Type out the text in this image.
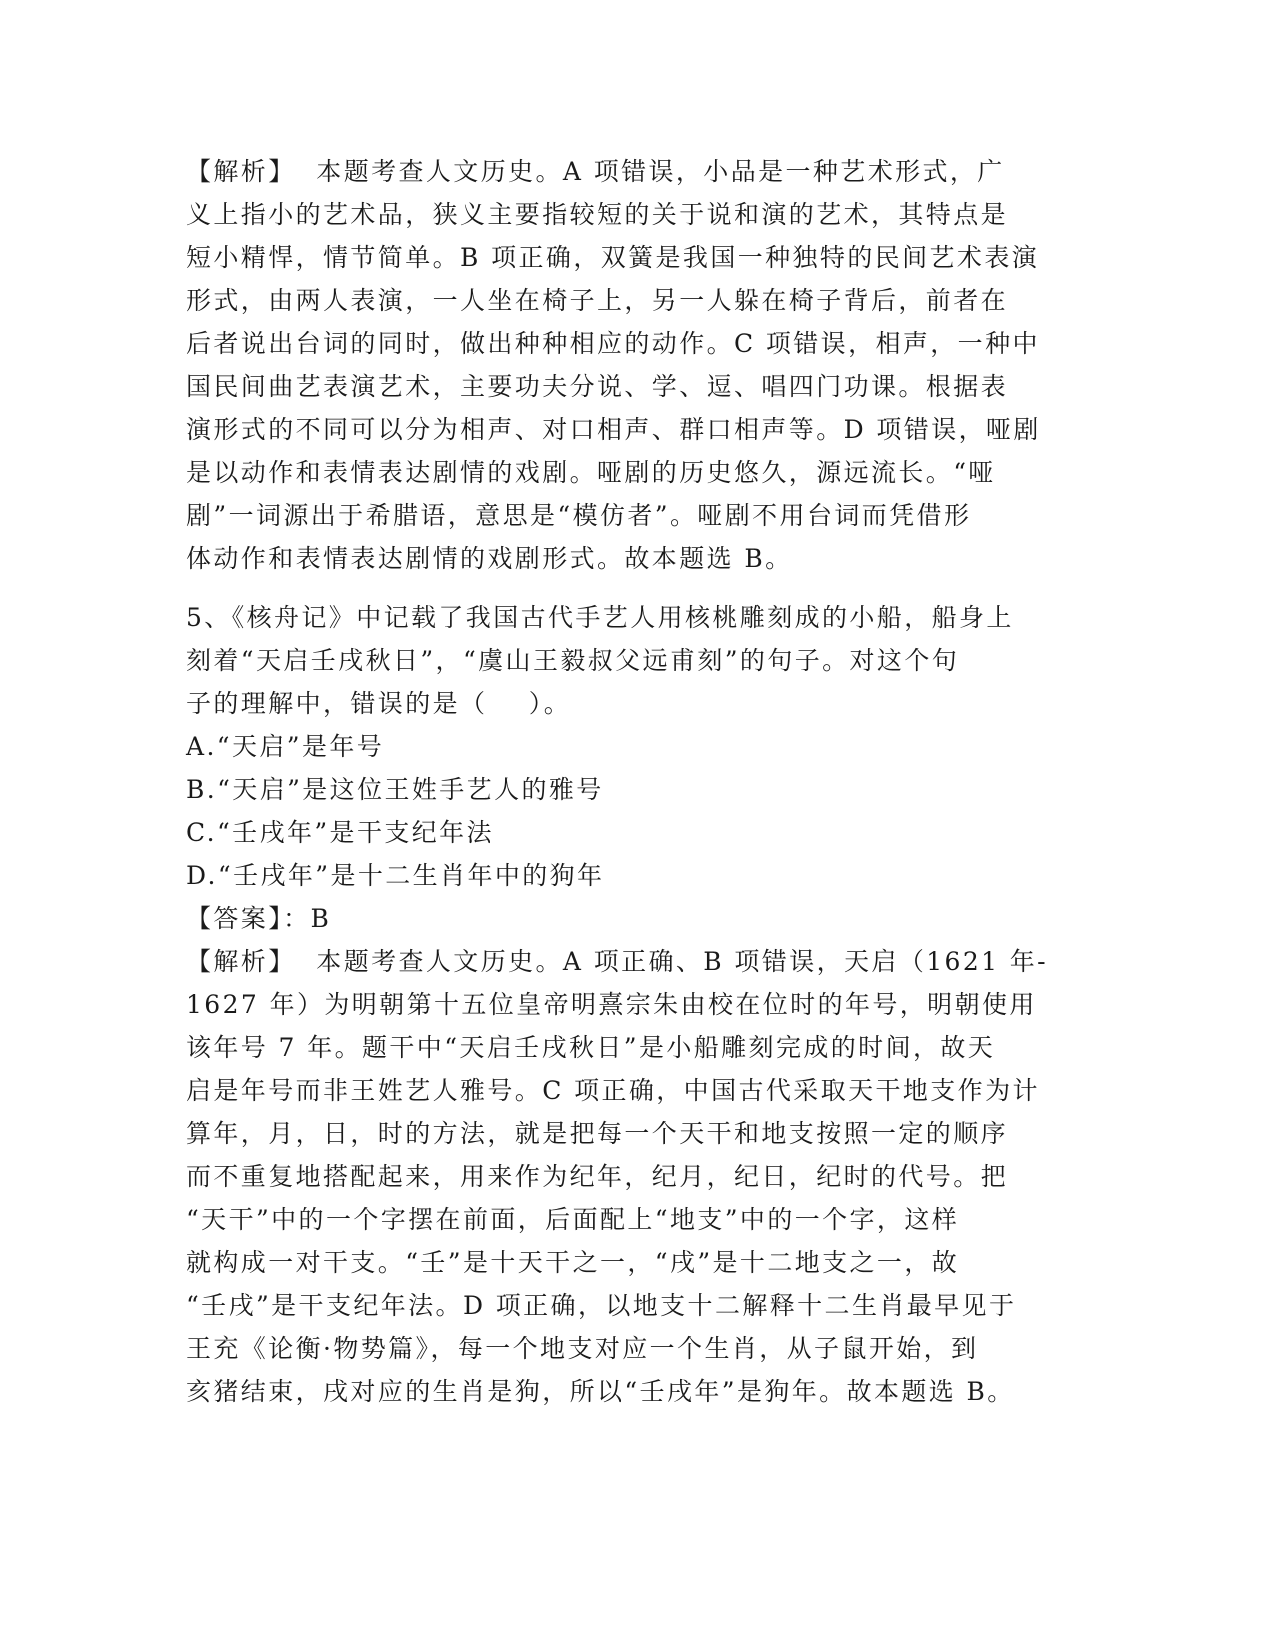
【解析】  本题考查人文历史。A 项错误，小品是一种艺术形式，广
义上指小的艺术品，狭义主要指较短的关于说和演的艺术，其特点是
短小精悍，情节简单。B 项正确，双簧是我国一种独特的民间艺术表演
形式，由两人表演，一人坐在椅子上，另一人躲在椅子背后，前者在
后者说出台词的同时，做出种种相应的动作。C 项错误，相声，一种中
国民间曲艺表演艺术，主要功夫分说、学、逗、唱四门功课。根据表
演形式的不同可以分为相声、对口相声、群口相声等。D 项错误，哑剧
是以动作和表情表达剧情的戏剧。哑剧的历史悠久，源远流长。“哑
剧”一词源出于希腊语，意思是“模仿者”。哑剧不用台词而凭借形
体动作和表情表达剧情的戏剧形式。故本题选 B。
5、《核舟记》中记载了我国古代手艺人用核桃雕刻成的小船，船身上
刻着“天启壬戌秋日”，“虞山王毅叔父远甫刻”的句子。对这个句
子的理解中，错误的是（    ）。
A.“天启”是年号
B.“天启”是这位王姓手艺人的雅号
C.“壬戌年”是干支纪年法
D.“壬戌年”是十二生肖年中的狗年
【答案】：B
【解析】  本题考查人文历史。A 项正确、B 项错误，天启（1621 年-
1627 年）为明朝第十五位皇帝明熹宗朱由校在位时的年号，明朝使用
该年号 7 年。题干中“天启壬戌秋日”是小船雕刻完成的时间，故天
启是年号而非王姓艺人雅号。C 项正确，中国古代采取天干地支作为计
算年，月，日，时的方法，就是把每一个天干和地支按照一定的顺序
而不重复地搭配起来，用来作为纪年，纪月，纪日，纪时的代号。把
“天干”中的一个字摆在前面，后面配上“地支”中的一个字，这样
就构成一对干支。“壬”是十天干之一，“戌”是十二地支之一，故
“壬戌”是干支纪年法。D 项正确，以地支十二解释十二生肖最早见于
王充《论衡·物势篇》，每一个地支对应一个生肖，从子鼠开始，到
亥猪结束，戌对应的生肖是狗，所以“壬戌年”是狗年。故本题选 B。
